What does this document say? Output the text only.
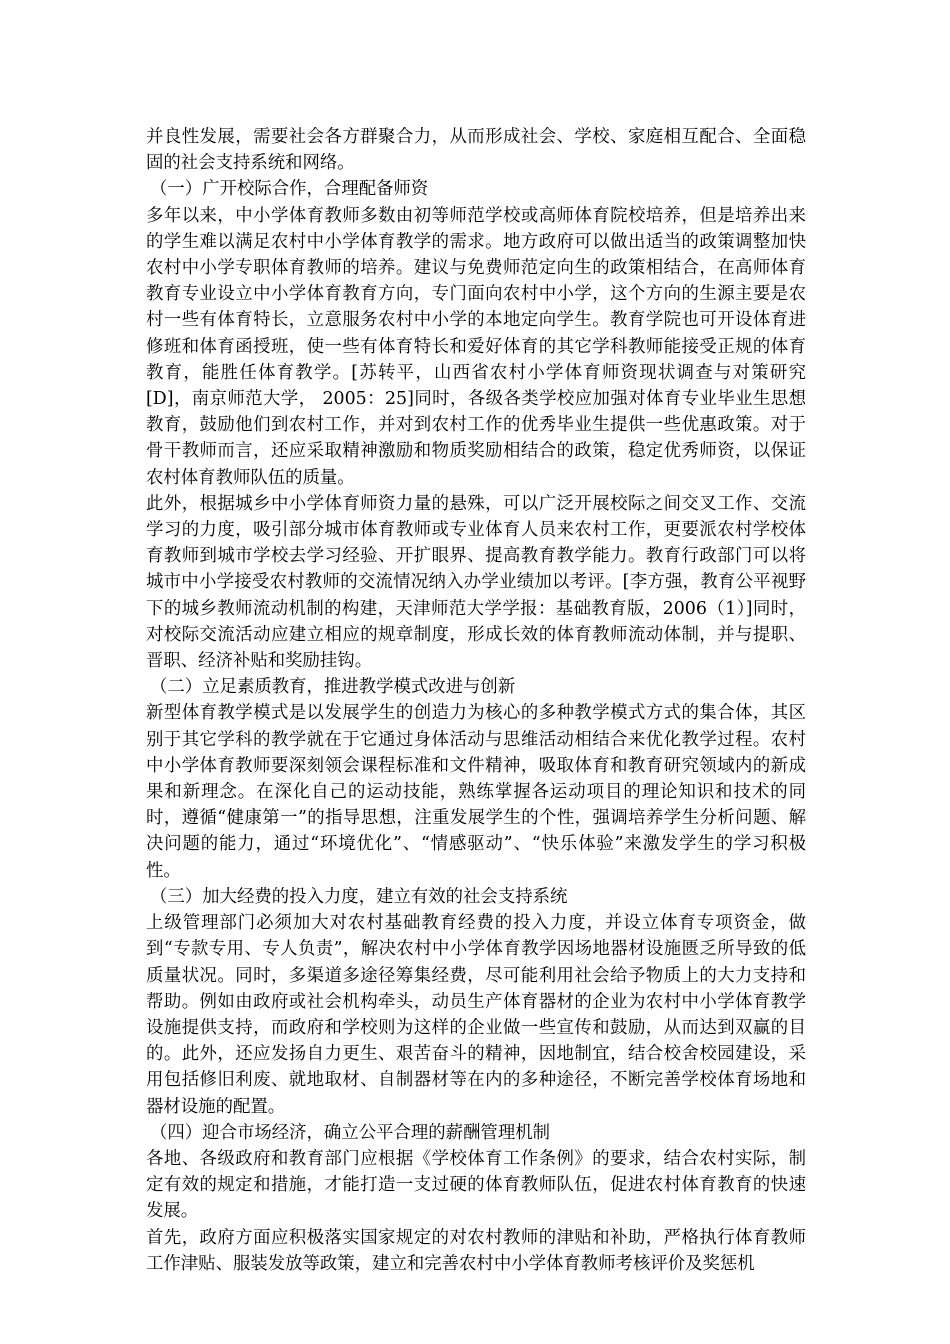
并良性发展，需要社会各方群聚合力，从而形成社会、学校、家庭相互配合、全面稳固的社会支持系统和网络。

（一）广开校际合作，合理配备师资

多年以来，中小学体育教师多数由初等师范学校或高师体育院校培养，但是培养出来的学生难以满足农村中小学体育教学的需求。地方政府可以做出适当的政策调整加快农村中小学专职体育教师的培养。建议与免费师范定向生的政策相结合，在高师体育教育专业设立中小学体育教育方向，专门面向农村中小学，这个方向的生源主要是农村一些有体育特长，立意服务农村中小学的本地定向学生。教育学院也可开设体育进修班和体育函授班，使一些有体育特长和爱好体育的其它学科教师能接受正规的体育教育，能胜任体育教学。[苏转平，山西省农村小学体育师资现状调查与对策研究[D]，南京师范大学， 2005：25]同时，各级各类学校应加强对体育专业毕业生思想教育，鼓励他们到农村工作，并对到农村工作的优秀毕业生提供一些优惠政策。对于骨干教师而言，还应采取精神激励和物质奖励相结合的政策，稳定优秀师资，以保证农村体育教师队伍的质量。

此外，根据城乡中小学体育师资力量的悬殊，可以广泛开展校际之间交叉工作、交流学习的力度，吸引部分城市体育教师或专业体育人员来农村工作，更要派农村学校体育教师到城市学校去学习经验、开扩眼界、提高教育教学能力。教育行政部门可以将城市中小学接受农村教师的交流情况纳入办学业绩加以考评。[李方强，教育公平视野下的城乡教师流动机制的构建，天津师范大学学报：基础教育版，2006（1）]同时，对校际交流活动应建立相应的规章制度，形成长效的体育教师流动体制，并与提职、晋职、经济补贴和奖励挂钩。

（二）立足素质教育，推进教学模式改进与创新

新型体育教学模式是以发展学生的创造力为核心的多种教学模式方式的集合体，其区别于其它学科的教学就在于它通过身体活动与思维活动相结合来优化教学过程。农村中小学体育教师要深刻领会课程标准和文件精神，吸取体育和教育研究领域内的新成果和新理念。在深化自己的运动技能，熟练掌握各运动项目的理论知识和技术的同时，遵循“健康第一”的指导思想，注重发展学生的个性，强调培养学生分析问题、解决问题的能力，通过“环境优化”、“情感驱动”、“快乐体验”来激发学生的学习积极性。

（三）加大经费的投入力度，建立有效的社会支持系统

上级管理部门必须加大对农村基础教育经费的投入力度，并设立体育专项资金，做到“专款专用、专人负责”，解决农村中小学体育教学因场地器材设施匮乏所导致的低质量状况。同时，多渠道多途径筹集经费，尽可能利用社会给予物质上的大力支持和帮助。例如由政府或社会机构牵头，动员生产体育器材的企业为农村中小学体育教学设施提供支持，而政府和学校则为这样的企业做一些宣传和鼓励，从而达到双赢的目的。此外，还应发扬自力更生、艰苦奋斗的精神，因地制宜，结合校舍校园建设，采用包括修旧利废、就地取材、自制器材等在内的多种途径，不断完善学校体育场地和器材设施的配置。

（四）迎合市场经济，确立公平合理的薪酬管理机制

各地、各级政府和教育部门应根据《学校体育工作条例》的要求，结合农村实际，制定有效的规定和措施，才能打造一支过硬的体育教师队伍，促进农村体育教育的快速发展。

首先，政府方面应积极落实国家规定的对农村教师的津贴和补助，严格执行体育教师工作津贴、服装发放等政策，建立和完善农村中小学体育教师考核评价及奖惩机
